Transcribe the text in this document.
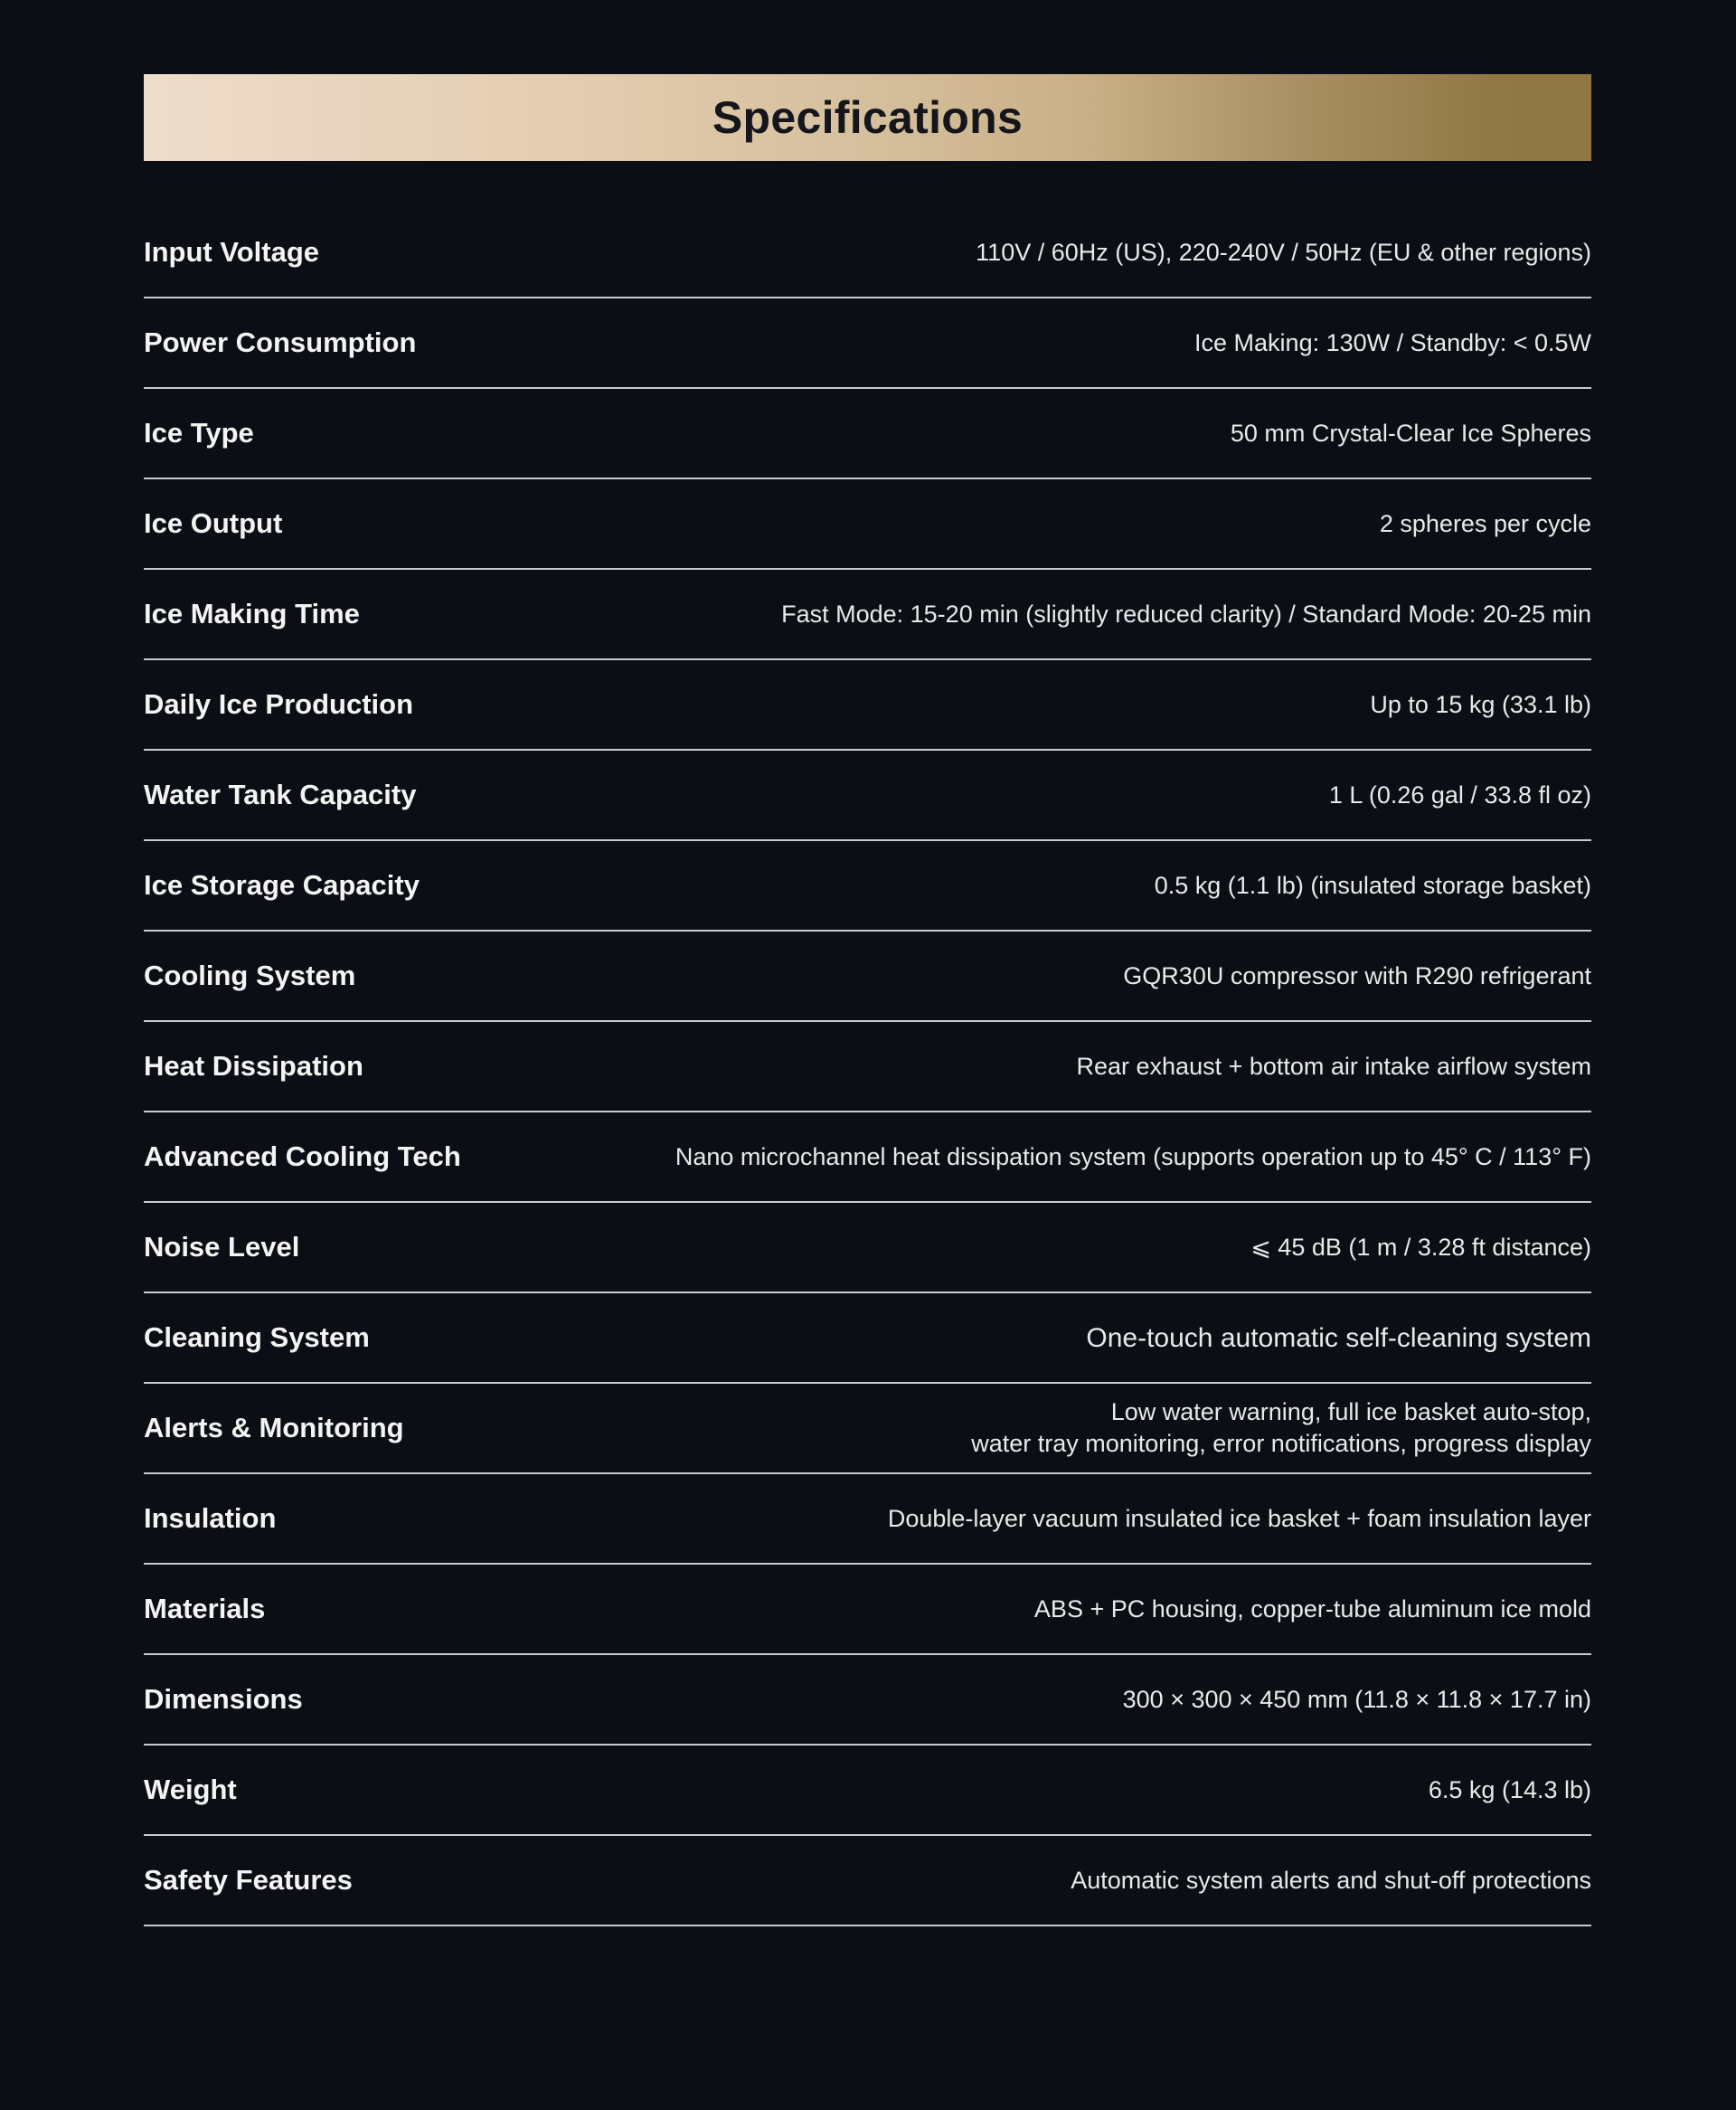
Specifications
Input Voltage	110V / 60Hz (US), 220-240V / 50Hz (EU & other regions)
Power Consumption	Ice Making: 130W / Standby: < 0.5W
Ice Type	50 mm Crystal-Clear Ice Spheres
Ice Output	2 spheres per cycle
Ice Making Time	Fast Mode: 15-20 min (slightly reduced clarity) / Standard Mode: 20-25 min
Daily Ice Production	Up to 15 kg (33.1 lb)
Water Tank Capacity	1 L (0.26 gal / 33.8 fl oz)
Ice Storage Capacity	0.5 kg (1.1 lb) (insulated storage basket)
Cooling System	GQR30U compressor with R290 refrigerant
Heat Dissipation	Rear exhaust + bottom air intake airflow system
Advanced Cooling Tech	Nano microchannel heat dissipation system (supports operation up to 45° C / 113° F)
Noise Level	⩽ 45 dB (1 m / 3.28 ft distance)
Cleaning System	One-touch automatic self-cleaning system
Alerts & Monitoring	Low water warning, full ice basket auto-stop,
water tray monitoring, error notifications, progress display
Insulation	Double-layer vacuum insulated ice basket + foam insulation layer
Materials	ABS + PC housing, copper-tube aluminum ice mold
Dimensions	300 × 300 × 450 mm (11.8 × 11.8 × 17.7 in)
Weight	6.5 kg (14.3 lb)
Safety Features	Automatic system alerts and shut-off protections
